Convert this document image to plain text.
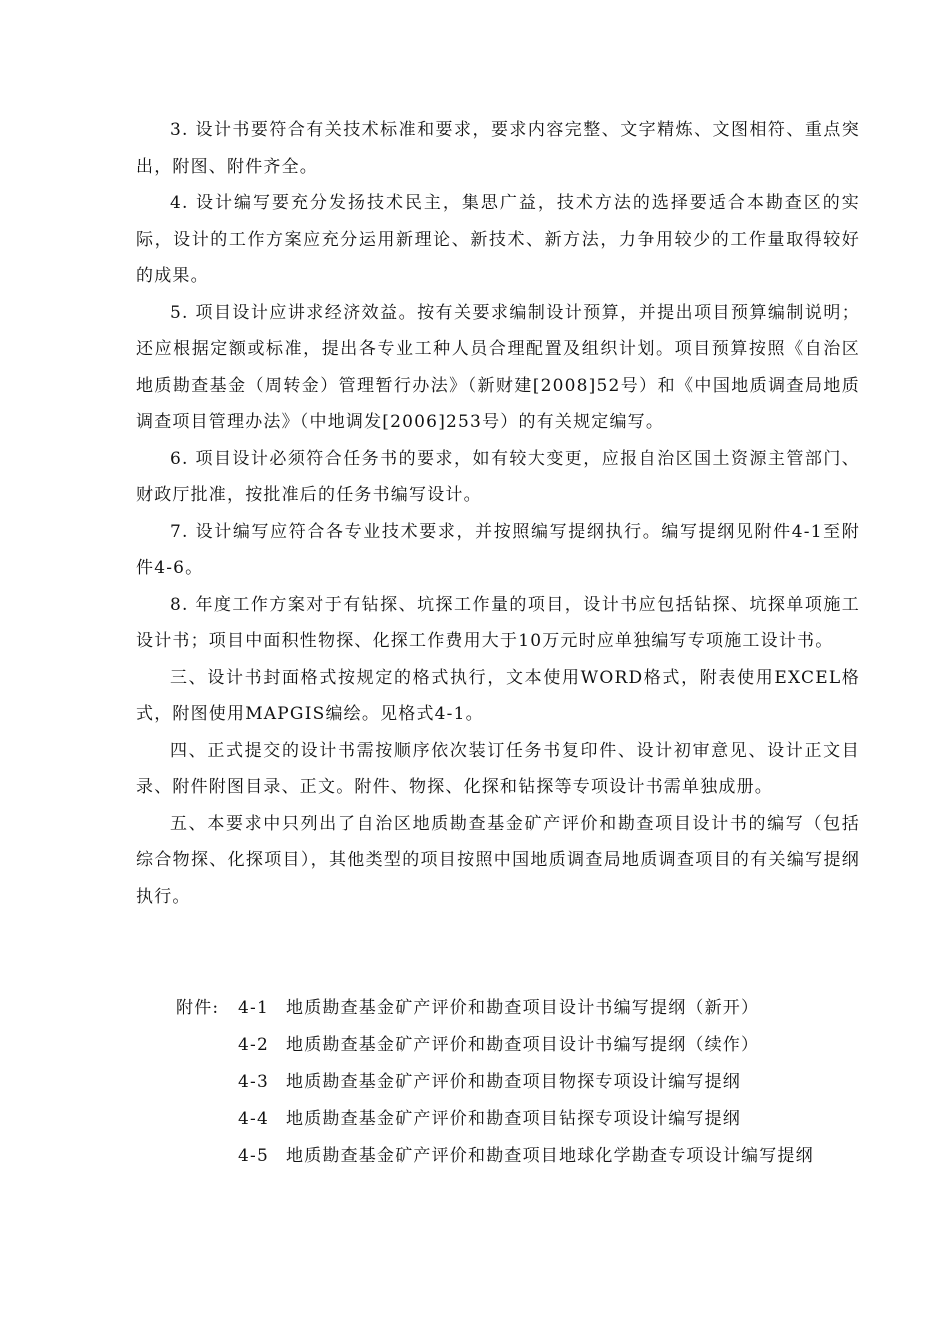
3. 设计书要符合有关技术标准和要求，要求内容完整、文字精炼、文图相符、重点突出，附图、附件齐全。

4. 设计编写要充分发扬技术民主，集思广益，技术方法的选择要适合本勘查区的实际，设计的工作方案应充分运用新理论、新技术、新方法，力争用较少的工作量取得较好的成果。

5. 项目设计应讲求经济效益。按有关要求编制设计预算，并提出项目预算编制说明；还应根据定额或标准，提出各专业工种人员合理配置及组织计划。项目预算按照《自治区地质勘查基金（周转金）管理暂行办法》（新财建[2008]52号）和《中国地质调查局地质调查项目管理办法》（中地调发[2006]253号）的有关规定编写。

6. 项目设计必须符合任务书的要求，如有较大变更，应报自治区国土资源主管部门、财政厅批准，按批准后的任务书编写设计。

7. 设计编写应符合各专业技术要求，并按照编写提纲执行。编写提纲见附件4-1至附件4-6。

8. 年度工作方案对于有钻探、坑探工作量的项目，设计书应包括钻探、坑探单项施工设计书；项目中面积性物探、化探工作费用大于10万元时应单独编写专项施工设计书。

三、设计书封面格式按规定的格式执行，文本使用WORD格式，附表使用EXCEL格式，附图使用MAPGIS编绘。见格式4-1。

四、正式提交的设计书需按顺序依次装订任务书复印件、设计初审意见、设计正文目录、附件附图目录、正文。附件、物探、化探和钻探等专项设计书需单独成册。

五、本要求中只列出了自治区地质勘查基金矿产评价和勘查项目设计书的编写（包括综合物探、化探项目），其他类型的项目按照中国地质调查局地质调查项目的有关编写提纲执行。

附件:	4-1	地质勘查基金矿产评价和勘查项目设计书编写提纲（新开）
4-2	地质勘查基金矿产评价和勘查项目设计书编写提纲（续作）
4-3	地质勘查基金矿产评价和勘查项目物探专项设计编写提纲
4-4	地质勘查基金矿产评价和勘查项目钻探专项设计编写提纲
4-5	地质勘查基金矿产评价和勘查项目地球化学勘查专项设计编写提纲
